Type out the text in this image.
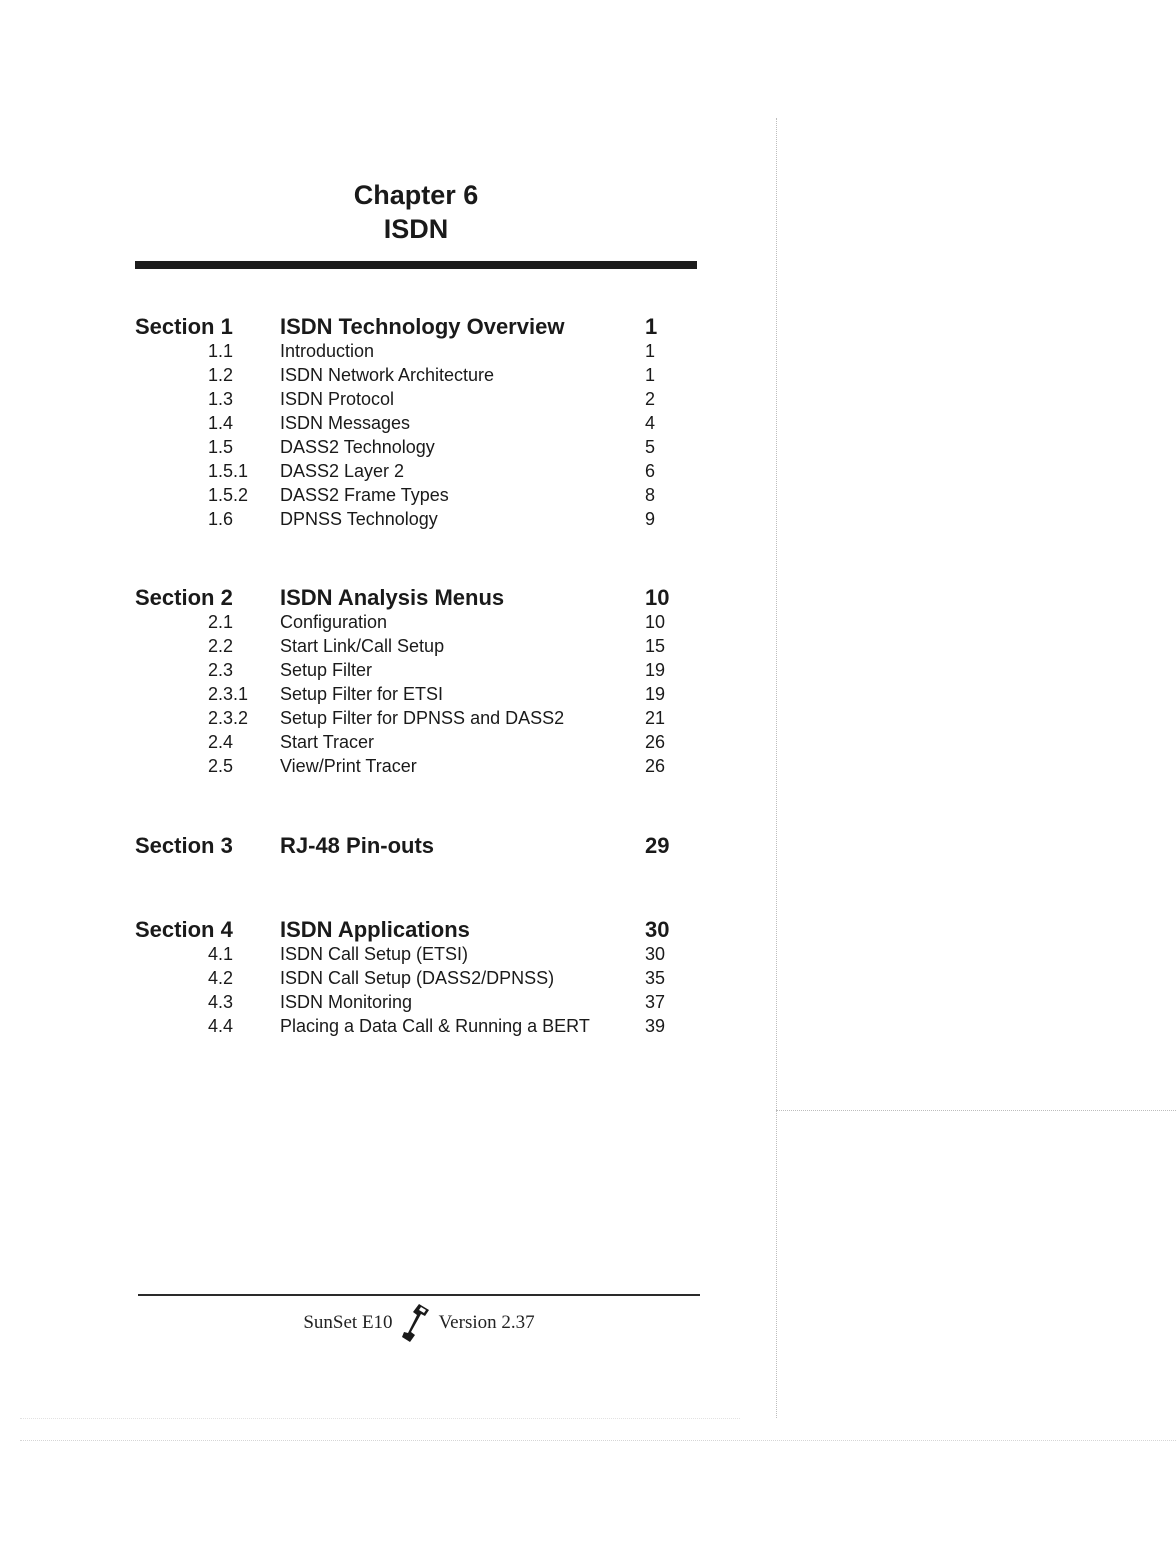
Chapter 6
ISDN
Section 1	ISDN Technology Overview	1
1.1	Introduction	1
1.2	ISDN Network Architecture	1
1.3	ISDN Protocol	2
1.4	ISDN Messages	4
1.5	DASS2 Technology	5
1.5.1	DASS2 Layer 2	6
1.5.2	DASS2 Frame Types	8
1.6	DPNSS Technology	9
Section 2	ISDN Analysis Menus	10
2.1	Configuration	10
2.2	Start Link/Call Setup	15
2.3	Setup Filter	19
2.3.1	Setup Filter for ETSI	19
2.3.2	Setup Filter for DPNSS and DASS2	21
2.4	Start Tracer	26
2.5	View/Print Tracer	26
Section 3	RJ-48 Pin-outs	29
Section 4	ISDN Applications	30
4.1	ISDN Call Setup (ETSI)	30
4.2	ISDN Call Setup (DASS2/DPNSS)	35
4.3	ISDN Monitoring	37
4.4	Placing a Data Call & Running a BERT	39
SunSet E10 Version 2.37
